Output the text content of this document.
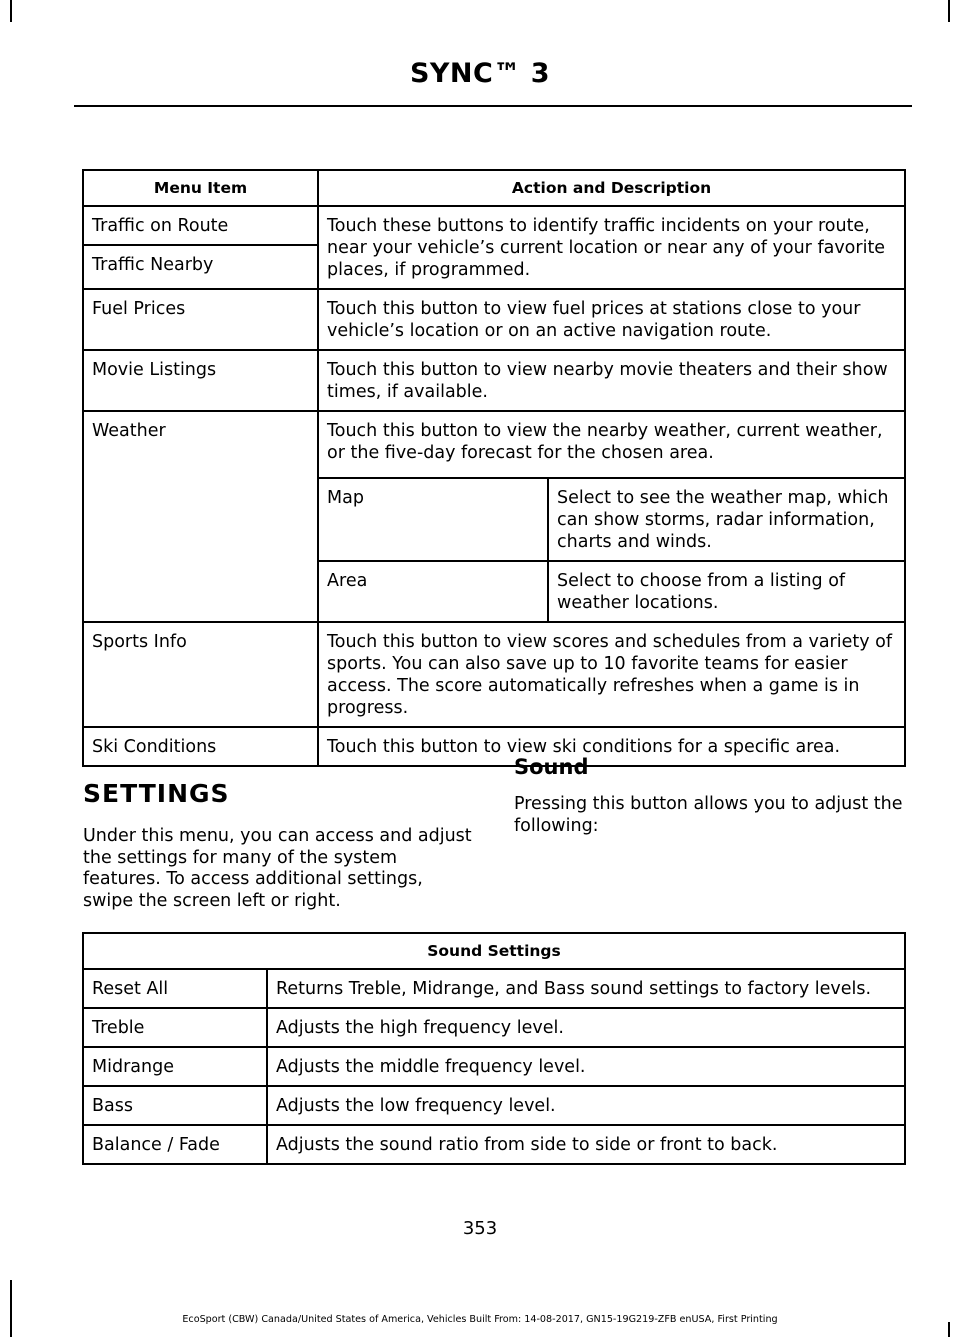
SYNC™ 3
Menu Item	Action and Description

Traffic on Route	Touch these buttons to identify traffic incidents on your route, near your vehicle’s current location or near any of your favorite places, if programmed.

Traffic Nearby

Fuel Prices	Touch this button to view fuel prices at stations close to your vehicle’s location or on an active navigation route.

Movie Listings	Touch this button to view nearby movie theaters and their show times, if available.

Weather	Touch this button to view the nearby weather, current weather, or the five-day forecast for the chosen area.
Map	Select to see the weather map, which can show storms, radar information, charts and winds.

Area	Select to choose from a listing of weather locations.

Sports Info	Touch this button to view scores and schedules from a variety of sports. You can also save up to 10 favorite teams for easier access. The score automatically refreshes when a game is in progress.

Ski Conditions	Touch this button to view ski conditions for a specific area.
SETTINGS
Under this menu, you can access and adjust the settings for many of the system features. To access additional settings, swipe the screen left or right.
Sound
Pressing this button allows you to adjust the following:
Sound Settings	

Reset All	Returns Treble, Midrange, and Bass sound settings to factory levels.

Treble	Adjusts the high frequency level.

Midrange	Adjusts the middle frequency level.

Bass	Adjusts the low frequency level.

Balance / Fade	Adjusts the sound ratio from side to side or front to back.
353
EcoSport (CBW) Canada/United States of America, Vehicles Built From: 14-08-2017, GN15-19G219-ZFB enUSA, First Printing
